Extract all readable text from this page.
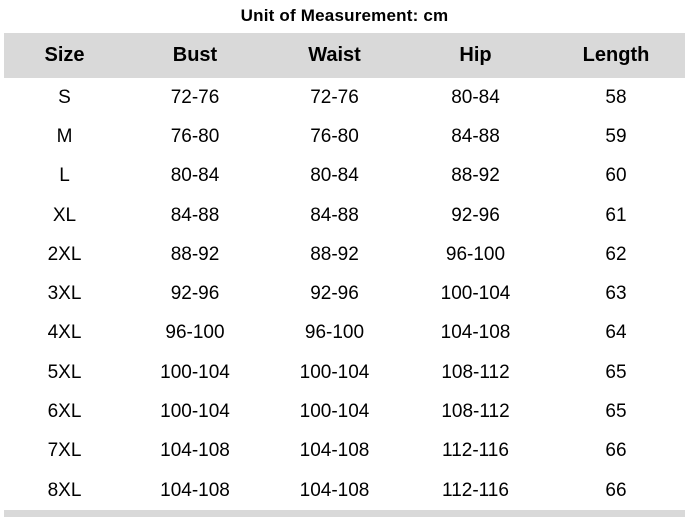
Unit of Measurement: cm
Size	Bust	Waist	Hip	Length
S	72-76	72-76	80-84	58
M	76-80	76-80	84-88	59
L	80-84	80-84	88-92	60
XL	84-88	84-88	92-96	61
2XL	88-92	88-92	96-100	62
3XL	92-96	92-96	100-104	63
4XL	96-100	96-100	104-108	64
5XL	100-104	100-104	108-112	65
6XL	100-104	100-104	108-112	65
7XL	104-108	104-108	112-116	66
8XL	104-108	104-108	112-116	66
